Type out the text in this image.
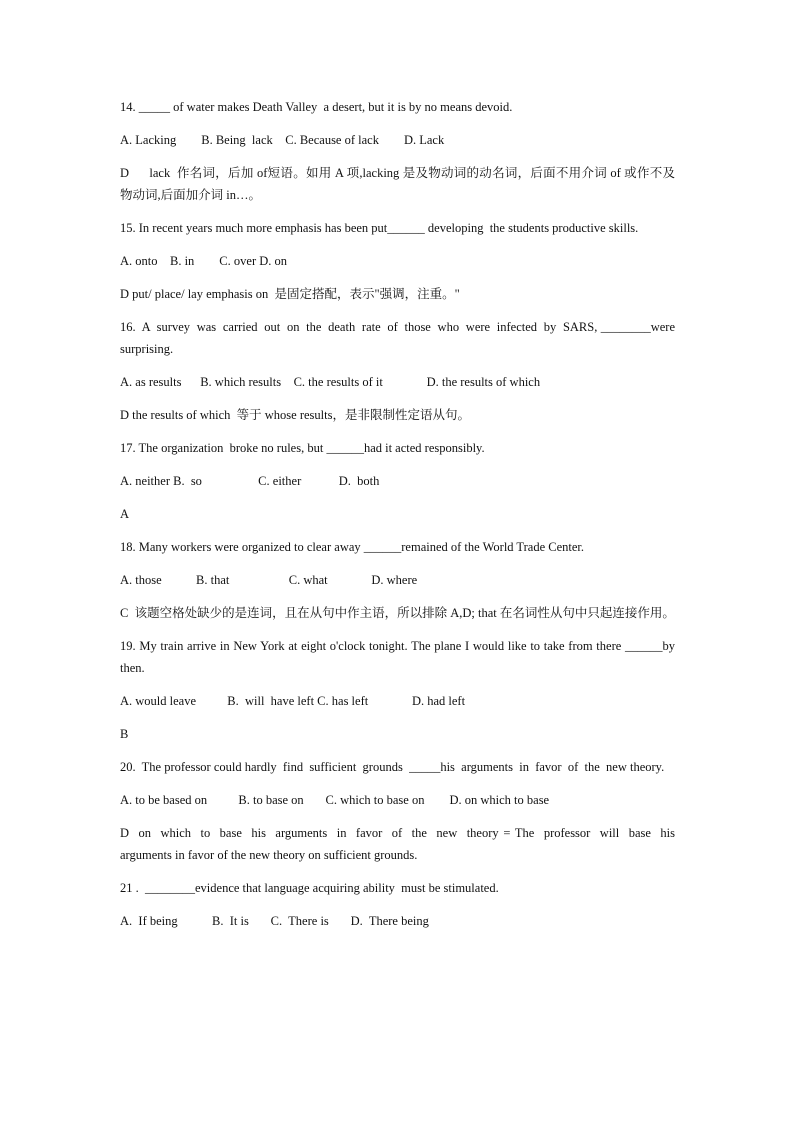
14. _____ of water makes Death Valley  a desert, but it is by no means devoid.

A. Lacking        B. Being  lack    C. Because of lack        D. Lack

D      lack  作名词，后加 of短语。如用 A 项,lacking 是及物动词的动名词，后面不用介词 of 或作不及物动词,后面加介词 in…。

15. In recent years much more emphasis has been put______ developing  the students productive skills.

A. onto    B. in        C. over D. on

D put/ place/ lay emphasis on  是固定搭配，表示"强调，注重。"

16.  A  survey  was  carried  out  on  the  death  rate  of  those  who  were  infected  by  SARS, ________were surprising.

A. as results      B. which results    C. the results of it              D. the results of which

D the results of which  等于 whose results，是非限制性定语从句。

17. The organization  broke no rules, but ______had it acted responsibly.

A. neither B.  so                  C. either            D.  both

A

18. Many workers were organized to clear away ______remained of the World Trade Center.

A. those           B. that                   C. what              D. where

C  该题空格处缺少的是连词，且在从句中作主语，所以排除 A,D; that 在名词性从句中只起连接作用。

19. My train arrive in New York at eight o'clock tonight. The plane I would like to take from there ______by then.

A. would leave          B.  will  have left C. has left              D. had left

B

20.  The professor could hardly  find  sufficient  grounds  _____his  arguments  in  favor  of  the  new theory.

A. to be based on          B. to base on       C. which to base on        D. on which to base

D  on  which  to  base  his  arguments  in  favor  of  the  new  theory = The  professor  will  base  his arguments in favor of the new theory on sufficient grounds.

21 .  ________evidence that language acquiring ability  must be stimulated.

A.  If being           B.  It is       C.  There is       D.  There being
